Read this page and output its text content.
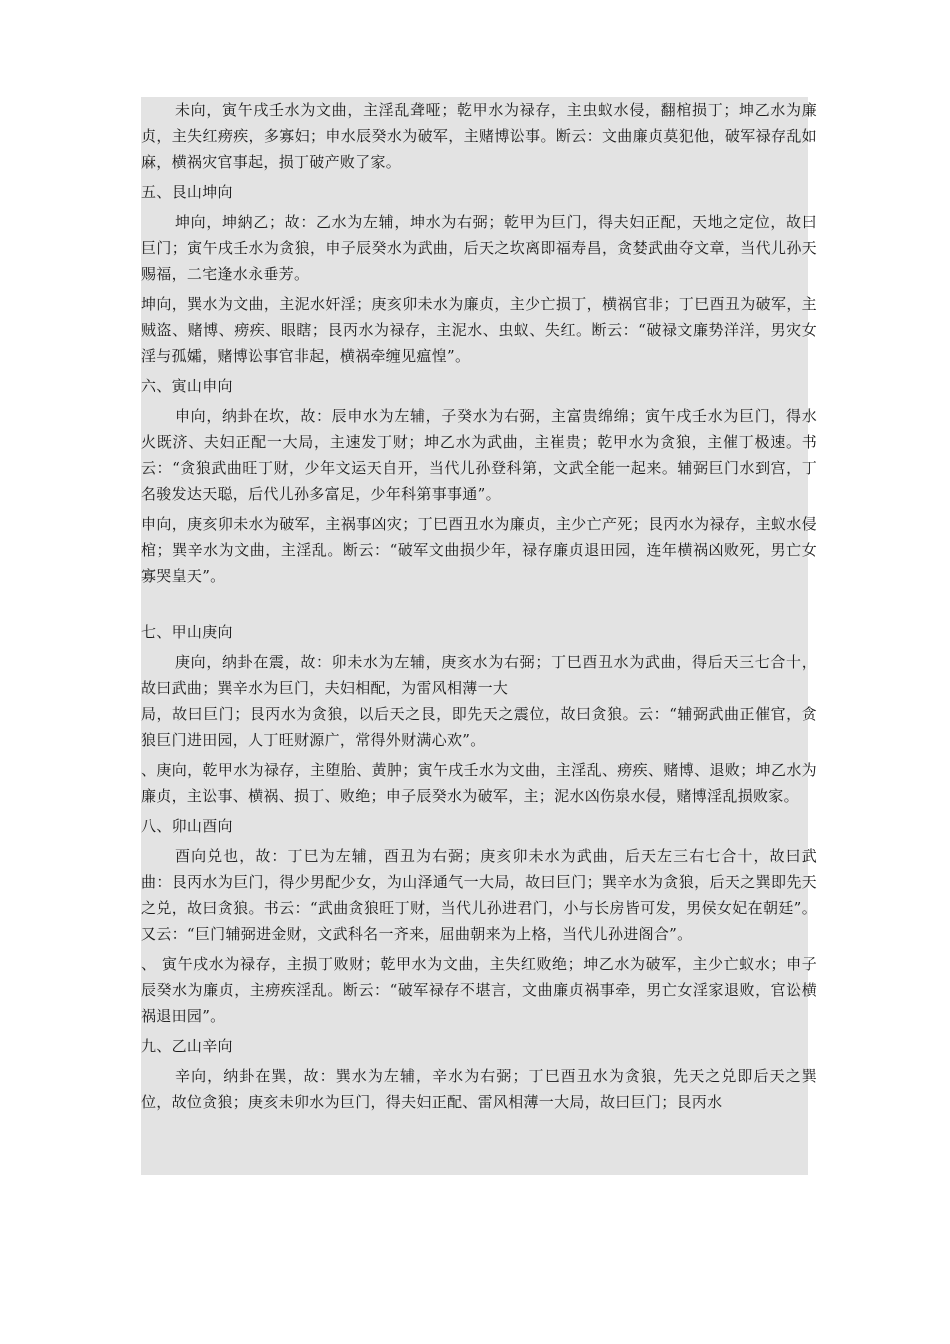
未向，寅午戌壬水为文曲，主淫乱聋哑；乾甲水为禄存，主虫蚁水侵，翻棺损丁；坤乙水为廉贞，主失红痨疾，多寡妇；申水辰癸水为破军，主赌博讼事。断云：文曲廉贞莫犯他，破军禄存乱如麻，横祸灾官事起，损丁破产败了家。

五、艮山坤向

坤向，坤納乙；故：乙水为左辅，坤水为右弼；乾甲为巨门，得夫妇正配，天地之定位，故曰巨门；寅午戌壬水为贪狼，申子辰癸水为武曲，后天之坎离即福寿昌，贪婪武曲夺文章，当代儿孙天赐福，二宅逢水永垂芳。

坤向，巽水为文曲，主泥水奸淫；庚亥卯未水为廉贞，主少亡损丁，横祸官非；丁巳酉丑为破军，主贼盗、赌博、痨疾、眼瞎；艮丙水为禄存，主泥水、虫蚁、失红。断云：“破禄文廉势洋洋，男灾女淫与孤孀，赌博讼事官非起，横祸牵缠见瘟惶”。

六、寅山申向

申向，纳卦在坎，故：辰申水为左辅，子癸水为右弼，主富贵绵绵；寅午戌壬水为巨门，得水火既济、夫妇正配一大局，主速发丁财；坤乙水为武曲，主崔贵；乾甲水为贪狼，主催丁极速。书云：“贪狼武曲旺丁财，少年文运天自开，当代儿孙登科第，文武全能一起来。辅弼巨门水到宫，丁名骏发达天聪，后代儿孙多富足，少年科第事事通”。

申向，庚亥卯未水为破军，主祸事凶灾；丁巳酉丑水为廉贞，主少亡产死；艮丙水为禄存，主蚁水侵棺；巽辛水为文曲，主淫乱。断云：“破军文曲损少年，禄存廉贞退田园，连年横祸凶败死，男亡女寡哭皇天”。

七、甲山庚向

庚向，纳卦在震，故：卯未水为左辅，庚亥水为右弼；丁巳酉丑水为武曲，得后天三七合十，故曰武曲；巽辛水为巨门，夫妇相配，为雷风相薄一大

局，故曰巨门；艮丙水为贪狼，以后天之艮，即先天之震位，故曰贪狼。云：“辅弼武曲正催官，贪狼巨门进田园，人丁旺财源广，常得外财满心欢”。

、庚向，乾甲水为禄存，主堕胎、黄肿；寅午戌壬水为文曲，主淫乱、痨疾、赌博、退败；坤乙水为廉贞，主讼事、横祸、损丁、败绝；申子辰癸水为破军，主；泥水凶伤泉水侵，赌博淫乱损败家。

八、卯山酉向

酉向兑也，故：丁巳为左辅，酉丑为右弼；庚亥卯未水为武曲，后天左三右七合十，故曰武曲：艮丙水为巨门，得少男配少女，为山泽通气一大局，故曰巨门；巽辛水为贪狼，后天之巽即先天之兑，故曰贪狼。书云：“武曲贪狼旺丁财，当代儿孙进君门，小与长房皆可发，男侯女妃在朝廷”。又云：“巨门辅弼进金财，文武科名一齐来，屈曲朝来为上格，当代儿孙进阁合”。

、 寅午戌水为禄存，主损丁败财；乾甲水为文曲，主失红败绝；坤乙水为破军，主少亡蚁水；申子辰癸水为廉贞，主痨疾淫乱。断云：“破军禄存不堪言，文曲廉贞祸事牵，男亡女淫家退败，官讼横祸退田园”。

九、乙山辛向

辛向，纳卦在巽，故：巽水为左辅，辛水为右弼；丁巳酉丑水为贪狼，先天之兑即后天之巽位，故位贪狼；庚亥未卯水为巨门，得夫妇正配、雷风相薄一大局，故曰巨门；艮丙水
